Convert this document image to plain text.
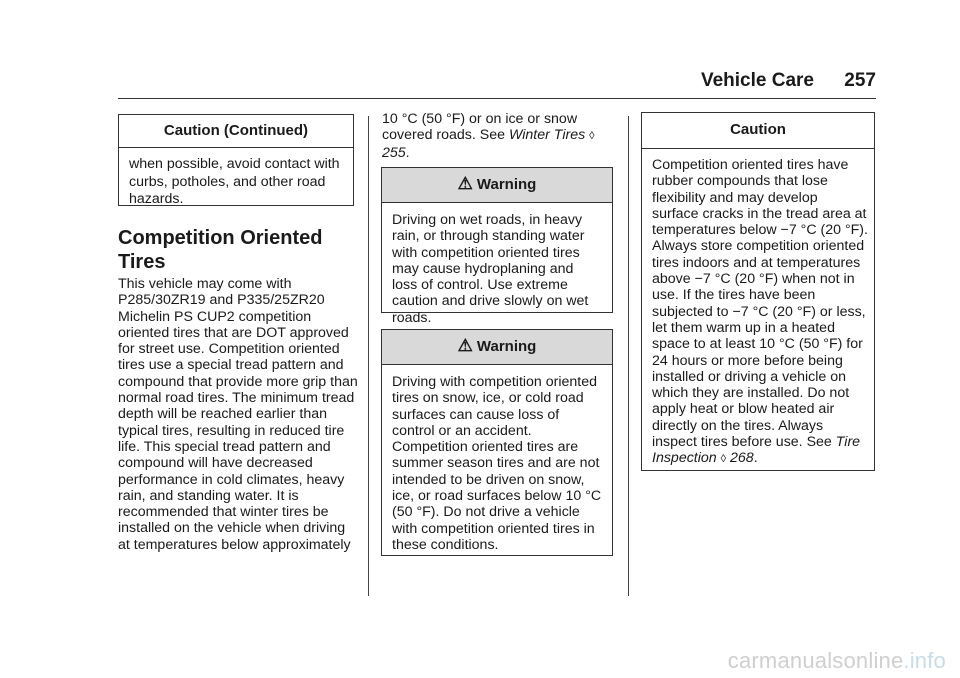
Vehicle Care 257
Caution (Continued)
when possible, avoid contact with curbs, potholes, and other road hazards.
Competition Oriented Tires
This vehicle may come with P285/30ZR19 and P335/25ZR20 Michelin PS CUP2 competition oriented tires that are DOT approved for street use. Competition oriented tires use a special tread pattern and compound that provide more grip than normal road tires. The minimum tread depth will be reached earlier than typical tires, resulting in reduced tire life. This special tread pattern and compound will have decreased performance in cold climates, heavy rain, and standing water. It is recommended that winter tires be installed on the vehicle when driving at temperatures below approximately
10 °C (50 °F) or on ice or snow covered roads. See Winter Tires ◊ 255.
⚠ Warning
Driving on wet roads, in heavy rain, or through standing water with competition oriented tires may cause hydroplaning and loss of control. Use extreme caution and drive slowly on wet roads.
⚠ Warning
Driving with competition oriented tires on snow, ice, or cold road surfaces can cause loss of control or an accident. Competition oriented tires are summer season tires and are not intended to be driven on snow, ice, or road surfaces below 10 °C (50 °F). Do not drive a vehicle with competition oriented tires in these conditions.
Caution
Competition oriented tires have rubber compounds that lose flexibility and may develop surface cracks in the tread area at temperatures below −7 °C (20 °F). Always store competition oriented tires indoors and at temperatures above −7 °C (20 °F) when not in use. If the tires have been subjected to −7 °C (20 °F) or less, let them warm up in a heated space to at least 10 °C (50 °F) for 24 hours or more before being installed or driving a vehicle on which they are installed. Do not apply heat or blow heated air directly on the tires. Always inspect tires before use. See Tire Inspection ◊ 268.
carmanualsonline.info
